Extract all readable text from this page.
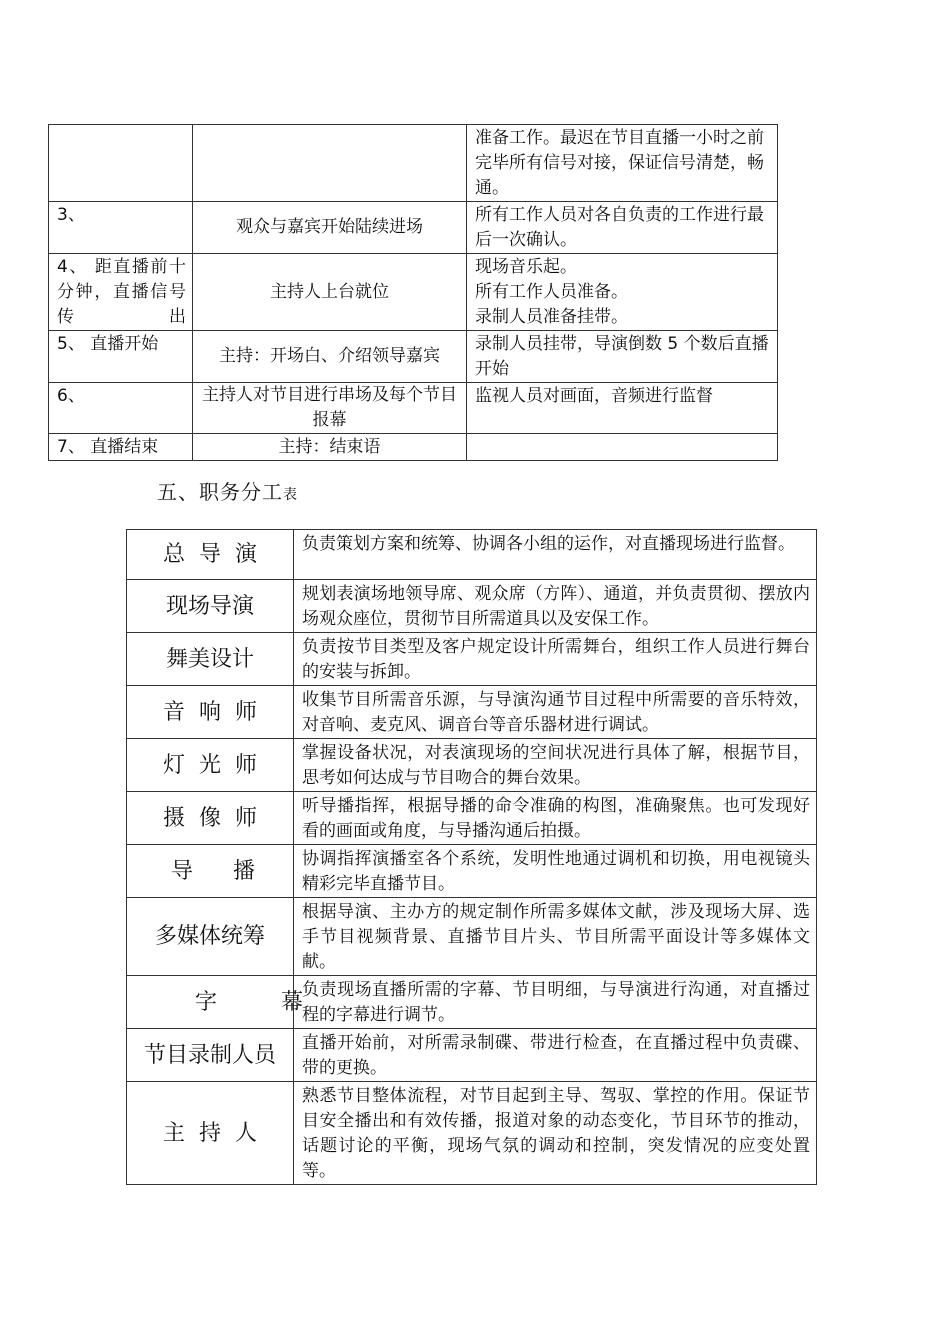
		准备工作。最迟在节目直播一小时之前完毕所有信号对接，保证信号清楚，畅通。
3、	观众与嘉宾开始陆续进场	所有工作人员对各自负责的工作进行最后一次确认。
4、 距直播前十分钟，直播信号传出	主持人上台就位	现场音乐起。
所有工作人员准备。
录制人员准备挂带。

5、 直播开始	主持：开场白、介绍领导嘉宾	录制人员挂带，导演倒数 5 个数后直播开始
6、	主持人对节目进行串场及每个节目报幕	监视人员对画面，音频进行监督
7、 直播结束	主持：结束语	
五、职务分工表
总导演	负责策划方案和统筹、协调各小组的运作，对直播现场进行监督。
现场导演	规划表演场地领导席、观众席（方阵）、通道，并负责贯彻、摆放内场观众座位，贯彻节目所需道具以及安保工作。
舞美设计	负责按节目类型及客户规定设计所需舞台，组织工作人员进行舞台的安装与拆卸。
音响师	收集节目所需音乐源，与导演沟通节目过程中所需要的音乐特效，对音响、麦克风、调音台等音乐器材进行调试。
灯光师	掌握设备状况，对表演现场的空间状况进行具体了解，根据节目，思考如何达成与节目吻合的舞台效果。
摄像师	听导播指挥，根据导播的命令准确的构图，准确聚焦。也可发现好看的画面或角度，与导播沟通后拍摄。
导播	协调指挥演播室各个系统，发明性地通过调机和切换，用电视镜头精彩完毕直播节目。
多媒体统筹	根据导演、主办方的规定制作所需多媒体文献，涉及现场大屏、选手节目视频背景、直播节目片头、节目所需平面设计等多媒体文献。
字幕	负责现场直播所需的字幕、节目明细，与导演进行沟通，对直播过程的字幕进行调节。
节目录制人员	直播开始前，对所需录制碟、带进行检查，在直播过程中负责碟、带的更换。
主持人	熟悉节目整体流程，对节目起到主导、驾驭、掌控的作用。保证节目安全播出和有效传播，报道对象的动态变化，节目环节的推动，话题讨论的平衡，现场气氛的调动和控制，突发情况的应变处置等。
